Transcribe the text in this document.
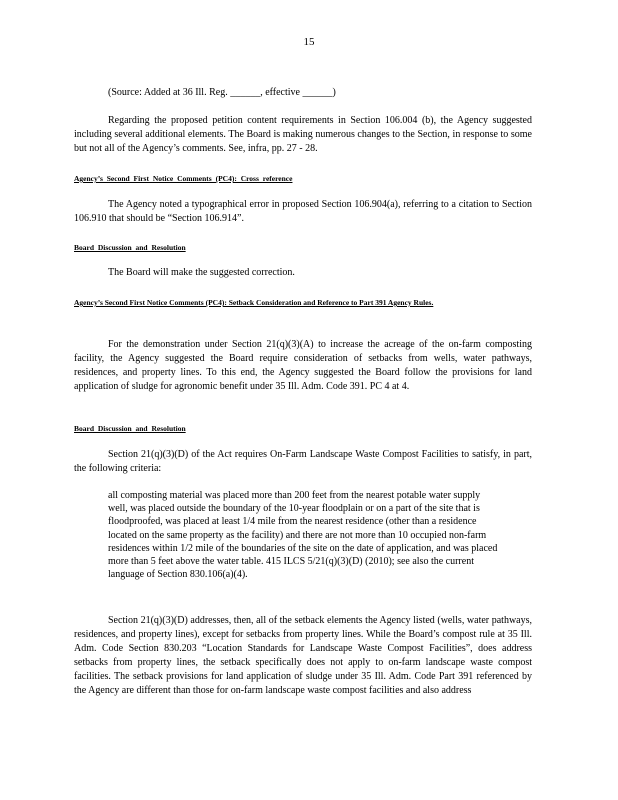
15

(Source: Added at 36 Ill. Reg. ______, effective ______)

Regarding the proposed petition content requirements in Section 106.004 (b), the Agency suggested including several additional elements. The Board is making numerous changes to the Section, in response to some but not all of the Agency’s comments. See, infra, pp. 27 - 28.

Agency’s Second First Notice Comments (PC4): Cross reference

The Agency noted a typographical error in proposed Section 106.904(a), referring to a citation to Section 106.910 that should be “Section 106.914”.

Board Discussion and Resolution

The Board will make the suggested correction.

Agency’s Second First Notice Comments (PC4): Setback Consideration and Reference to Part 391 Agency Rules.

For the demonstration under Section 21(q)(3)(A) to increase the acreage of the on-farm composting facility, the Agency suggested the Board require consideration of setbacks from wells, water pathways, residences, and property lines. To this end, the Agency suggested the Board follow the provisions for land application of sludge for agronomic benefit under 35 Ill. Adm. Code 391. PC 4 at 4.

Board Discussion and Resolution

Section 21(q)(3)(D) of the Act requires On-Farm Landscape Waste Compost Facilities to satisfy, in part, the following criteria:

all composting material was placed more than 200 feet from the nearest potable water supply well, was placed outside the boundary of the 10-year floodplain or on a part of the site that is floodproofed, was placed at least 1/4 mile from the nearest residence (other than a residence located on the same property as the facility) and there are not more than 10 occupied non-farm residences within 1/2 mile of the boundaries of the site on the date of application, and was placed more than 5 feet above the water table. 415 ILCS 5/21(q)(3)(D) (2010); see also the current language of Section 830.106(a)(4).

Section 21(q)(3)(D) addresses, then, all of the setback elements the Agency listed (wells, water pathways, residences, and property lines), except for setbacks from property lines. While the Board’s compost rule at 35 Ill. Adm. Code Section 830.203 “Location Standards for Landscape Waste Compost Facilities”, does address setbacks from property lines, the setback specifically does not apply to on-farm landscape waste compost facilities. The setback provisions for land application of sludge under 35 Ill. Adm. Code Part 391 referenced by the Agency are different than those for on-farm landscape waste compost facilities and also address
